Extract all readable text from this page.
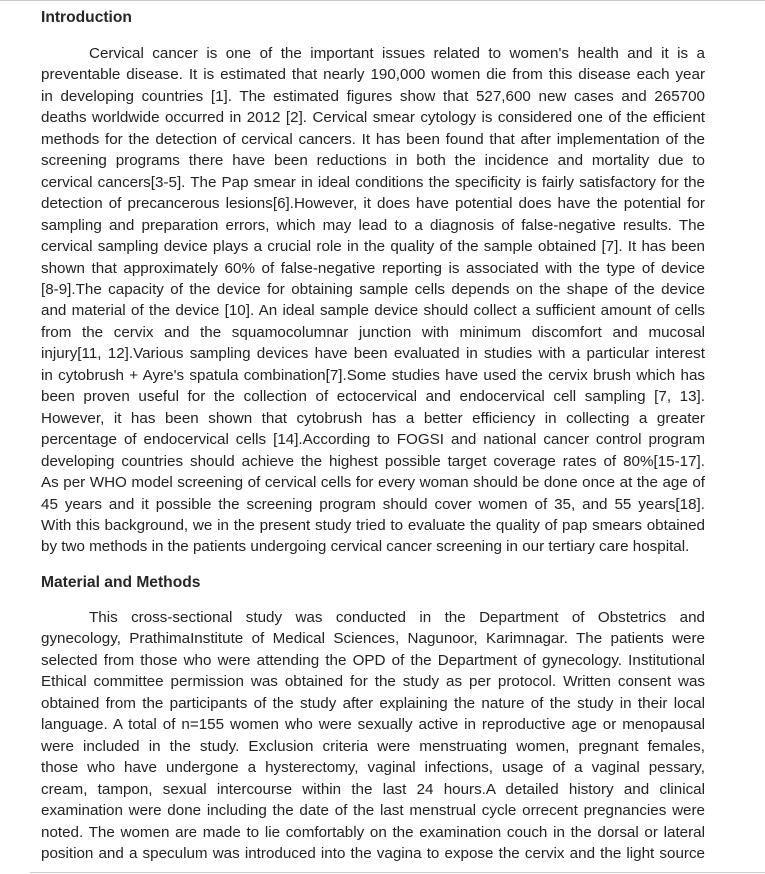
Introduction
Cervical cancer is one of the important issues related to women's health and it is a
preventable disease. It is estimated that nearly 190,000 women die from this disease each year
in developing countries [1]. The estimated figures show that 527,600 new cases and 265700
deaths worldwide occurred in 2012 [2]. Cervical smear cytology is considered one of the efficient
methods for the detection of cervical cancers. It has been found that after implementation of the
screening programs there have been reductions in both the incidence and mortality due to
cervical cancers[3-5]. The Pap smear in ideal conditions the specificity is fairly satisfactory for the
detection of precancerous lesions[6].However, it does have potential does have the potential for
sampling and preparation errors, which may lead to a diagnosis of false-negative results. The
cervical sampling device plays a crucial role in the quality of the sample obtained [7]. It has been
shown that approximately 60% of false-negative reporting is associated with the type of device
[8-9].The capacity of the device for obtaining sample cells depends on the shape of the device
and material of the device [10]. An ideal sample device should collect a sufficient amount of cells
from the cervix and the squamocolumnar junction with minimum discomfort and mucosal
injury[11, 12].Various sampling devices have been evaluated in studies with a particular interest
in cytobrush + Ayre's spatula combination[7].Some studies have used the cervix brush which has
been proven useful for the collection of ectocervical and endocervical cell sampling [7, 13].
However, it has been shown that cytobrush has a better efficiency in collecting a greater
percentage of endocervical cells [14].According to FOGSI and national cancer control program
developing countries should achieve the highest possible target coverage rates of 80%[15-17].
As per WHO model screening of cervical cells for every woman should be done once at the age of
45 years and it possible the screening program should cover women of 35, and 55 years[18].
With this background, we in the present study tried to evaluate the quality of pap smears obtained
by two methods in the patients undergoing cervical cancer screening in our tertiary care hospital.
Material and Methods
This cross-sectional study was conducted in the Department of Obstetrics and
gynecology, PrathimaInstitute of Medical Sciences, Nagunoor, Karimnagar. The patients were
selected from those who were attending the OPD of the Department of gynecology. Institutional
Ethical committee permission was obtained for the study as per protocol. Written consent was
obtained from the participants of the study after explaining the nature of the study in their local
language. A total of n=155 women who were sexually active in reproductive age or menopausal
were included in the study. Exclusion criteria were menstruating women, pregnant females,
those who have undergone a hysterectomy, vaginal infections, usage of a vaginal pessary,
cream, tampon, sexual intercourse within the last 24 hours.A detailed history and clinical
examination were done including the date of the last menstrual cycle orrecent pregnancies were
noted. The women are made to lie comfortably on the examination couch in the dorsal or lateral
position and a speculum was introduced into the vagina to expose the cervix and the light source
